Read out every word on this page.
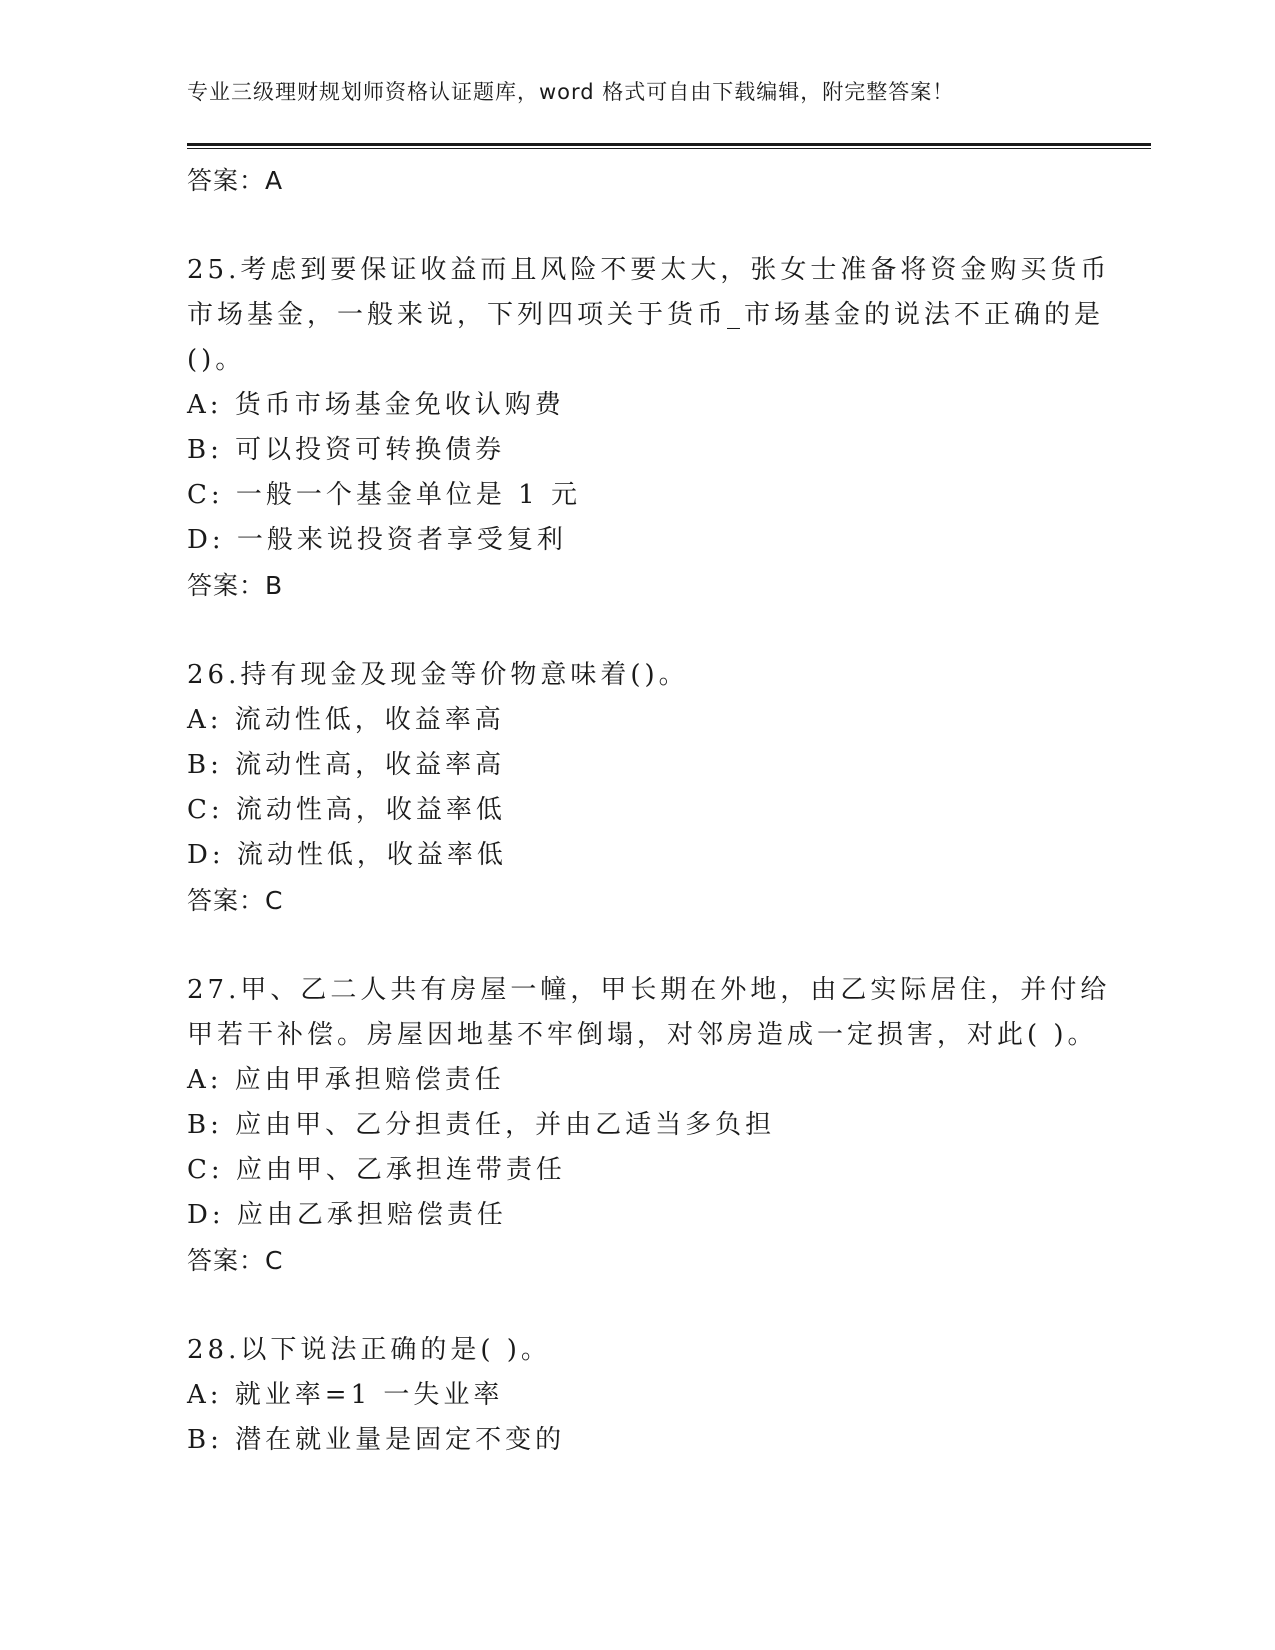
专业三级理财规划师资格认证题库，word 格式可自由下载编辑，附完整答案！
答案：A
25.考虑到要保证收益而且风险不要太大，张女士准备将资金购买货币
市场基金，一般来说，下列四项关于货币_市场基金的说法不正确的是
()。
A: 货币市场基金免收认购费
B: 可以投资可转换债券
C: 一般一个基金单位是 1 元
D: 一般来说投资者享受复利
答案：B
26.持有现金及现金等价物意味着()。
A: 流动性低，收益率高
B: 流动性高，收益率高
C: 流动性高，收益率低
D: 流动性低，收益率低
答案：C
27.甲、乙二人共有房屋一幢，甲长期在外地，由乙实际居住，并付给
甲若干补偿。房屋因地基不牢倒塌，对邻房造成一定损害，对此( )。
A: 应由甲承担赔偿责任
B: 应由甲、乙分担责任，并由乙适当多负担
C: 应由甲、乙承担连带责任
D: 应由乙承担赔偿责任
答案：C
28.以下说法正确的是( )。
A: 就业率=1 一失业率
B: 潜在就业量是固定不变的
